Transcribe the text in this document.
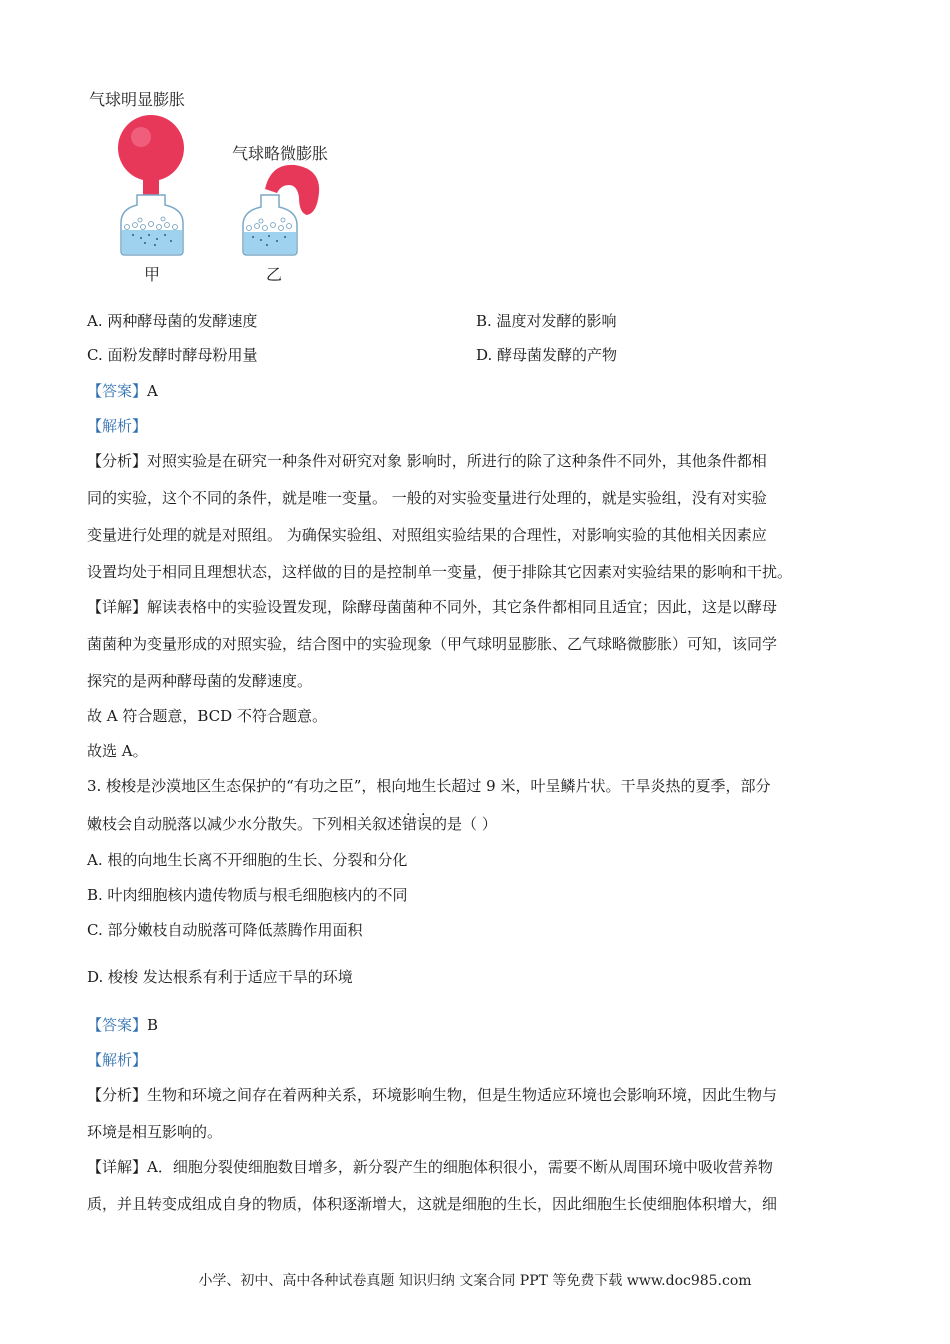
气球明显膨胀
气球略微膨胀
甲	乙
A. 两种酵母菌的发酵速度	B. 温度对发酵的影响
C. 面粉发酵时酵母粉用量	D. 酵母菌发酵的产物
【答案】A
【解析】
【分析】对照实验是在研究一种条件对研究对象 影响时，所进行的除了这种条件不同外，其他条件都相
同的实验，这个不同的条件，就是唯一变量。 一般的对实验变量进行处理的，就是实验组，没有对实验
变量进行处理的就是对照组。 为确保实验组、对照组实验结果的合理性，对影响实验的其他相关因素应
设置均处于相同且理想状态，这样做的目的是控制单一变量，便于排除其它因素对实验结果的影响和干扰。
【详解】解读表格中的实验设置发现，除酵母菌菌种不同外，其它条件都相同且适宜；因此，这是以酵母
菌菌种为变量形成的对照实验，结合图中的实验现象（甲气球明显膨胀、乙气球略微膨胀）可知，该同学
探究的是两种酵母菌的发酵速度。
故 A 符合题意，BCD 不符合题意。
故选 A。
3. 梭梭是沙漠地区生态保护的“有功之臣”，根向地生长超过 9 米，叶呈鳞片状。干旱炎热的夏季，部分
嫩枝会自动脱落以减少水分散失。下列相关叙述错误的是（ ）
A. 根的向地生长离不开细胞的生长、分裂和分化
B. 叶肉细胞核内遗传物质与根毛细胞核内的不同
C. 部分嫩枝自动脱落可降低蒸腾作用面积
D. 梭梭 发达根系有利于适应干旱的环境
【答案】B
【解析】
【分析】生物和环境之间存在着两种关系，环境影响生物，但是生物适应环境也会影响环境，因此生物与
环境是相互影响的。
【详解】A．细胞分裂使细胞数目增多，新分裂产生的细胞体积很小，需要不断从周围环境中吸收营养物
质，并且转变成组成自身的物质，体积逐渐增大，这就是细胞的生长，因此细胞生长使细胞体积增大，细
小学、初中、高中各种试卷真题 知识归纳 文案合同 PPT 等免费下载 www.doc985.com
